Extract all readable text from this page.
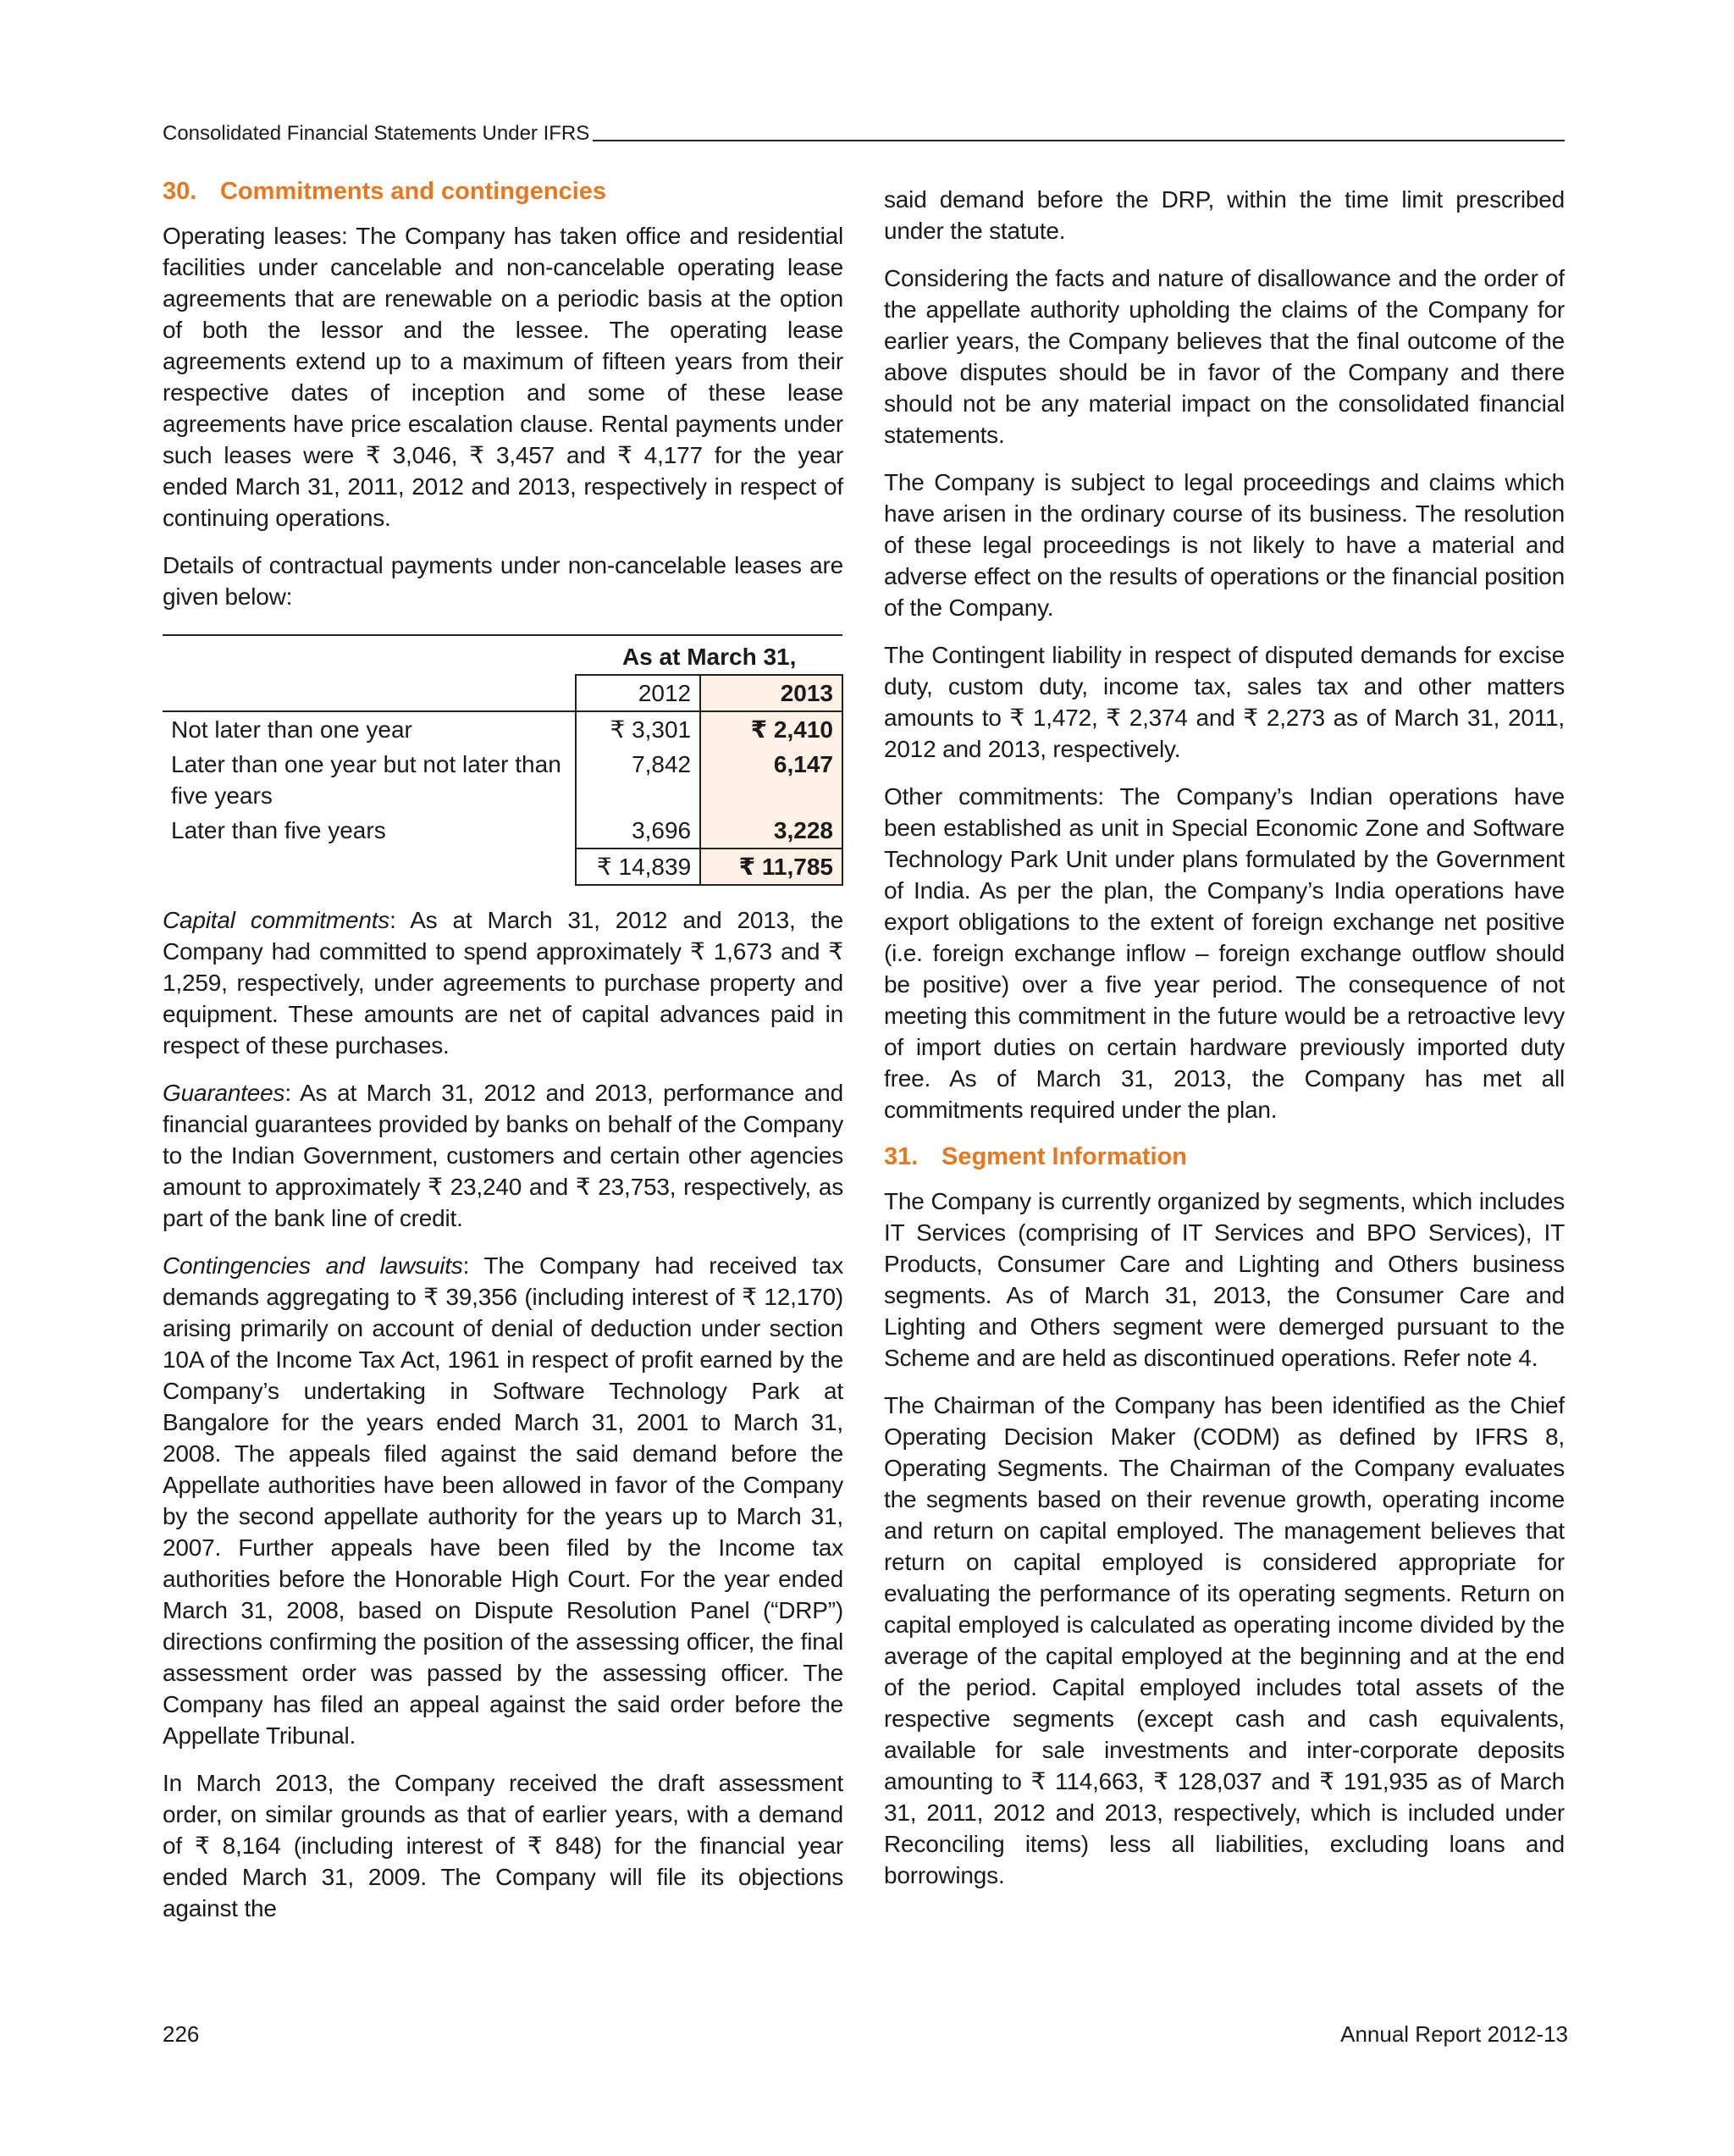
Consolidated Financial Statements Under IFRS
30. Commitments and contingencies

Operating leases: The Company has taken office and residential facilities under cancelable and non-cancelable operating lease agreements that are renewable on a periodic basis at the option of both the lessor and the lessee. The operating lease agreements extend up to a maximum of fifteen years from their respective dates of inception and some of these lease agreements have price escalation clause. Rental payments under such leases were ₹ 3,046, ₹ 3,457 and ₹ 4,177 for the year ended March 31, 2011, 2012 and 2013, respectively in respect of continuing operations.

Details of contractual payments under non-cancelable leases are given below:

	As at March 31,	
	2012	2013
Not later than one year	₹ 3,301	₹ 2,410
Later than one year but not later than five years	7,842	6,147
Later than five years	3,696	3,228
	₹ 14,839	₹ 11,785

Capital commitments: As at March 31, 2012 and 2013, the Company had committed to spend approximately ₹ 1,673 and ₹ 1,259, respectively, under agreements to purchase property and equipment. These amounts are net of capital advances paid in respect of these purchases.

Guarantees: As at March 31, 2012 and 2013, performance and financial guarantees provided by banks on behalf of the Company to the Indian Government, customers and certain other agencies amount to approximately ₹ 23,240 and ₹ 23,753, respectively, as part of the bank line of credit.

Contingencies and lawsuits: The Company had received tax demands aggregating to ₹ 39,356 (including interest of ₹ 12,170) arising primarily on account of denial of deduction under section 10A of the Income Tax Act, 1961 in respect of profit earned by the Company’s undertaking in Software Technology Park at Bangalore for the years ended March 31, 2001 to March 31, 2008. The appeals filed against the said demand before the Appellate authorities have been allowed in favor of the Company by the second appellate authority for the years up to March 31, 2007. Further appeals have been filed by the Income tax authorities before the Honorable High Court. For the year ended March 31, 2008, based on Dispute Resolution Panel (“DRP”) directions confirming the position of the assessing officer, the final assessment order was passed by the assessing officer. The Company has filed an appeal against the said order before the Appellate Tribunal.

In March 2013, the Company received the draft assessment order, on similar grounds as that of earlier years, with a demand of ₹ 8,164 (including interest of ₹ 848) for the financial year ended March 31, 2009. The Company will file its objections against the

said demand before the DRP, within the time limit prescribed under the statute.

Considering the facts and nature of disallowance and the order of the appellate authority upholding the claims of the Company for earlier years, the Company believes that the final outcome of the above disputes should be in favor of the Company and there should not be any material impact on the consolidated financial statements.

The Company is subject to legal proceedings and claims which have arisen in the ordinary course of its business. The resolution of these legal proceedings is not likely to have a material and adverse effect on the results of operations or the financial position of the Company.

The Contingent liability in respect of disputed demands for excise duty, custom duty, income tax, sales tax and other matters amounts to ₹ 1,472, ₹ 2,374 and ₹ 2,273 as of March 31, 2011, 2012 and 2013, respectively.

Other commitments: The Company’s Indian operations have been established as unit in Special Economic Zone and Software Technology Park Unit under plans formulated by the Government of India. As per the plan, the Company’s India operations have export obligations to the extent of foreign exchange net positive (i.e. foreign exchange inflow – foreign exchange outflow should be positive) over a five year period. The consequence of not meeting this commitment in the future would be a retroactive levy of import duties on certain hardware previously imported duty free. As of March 31, 2013, the Company has met all commitments required under the plan.

31. Segment Information

The Company is currently organized by segments, which includes IT Services (comprising of IT Services and BPO Services), IT Products, Consumer Care and Lighting and Others business segments. As of March 31, 2013, the Consumer Care and Lighting and Others segment were demerged pursuant to the Scheme and are held as discontinued operations. Refer note 4.

The Chairman of the Company has been identified as the Chief Operating Decision Maker (CODM) as defined by IFRS 8, Operating Segments. The Chairman of the Company evaluates the segments based on their revenue growth, operating income and return on capital employed. The management believes that return on capital employed is considered appropriate for evaluating the performance of its operating segments. Return on capital employed is calculated as operating income divided by the average of the capital employed at the beginning and at the end of the period. Capital employed includes total assets of the respective segments (except cash and cash equivalents, available for sale investments and inter-corporate deposits amounting to ₹ 114,663, ₹ 128,037 and ₹ 191,935 as of March 31, 2011, 2012 and 2013, respectively, which is included under Reconciling items) less all liabilities, excluding loans and borrowings.

226	Annual Report 2012-13
